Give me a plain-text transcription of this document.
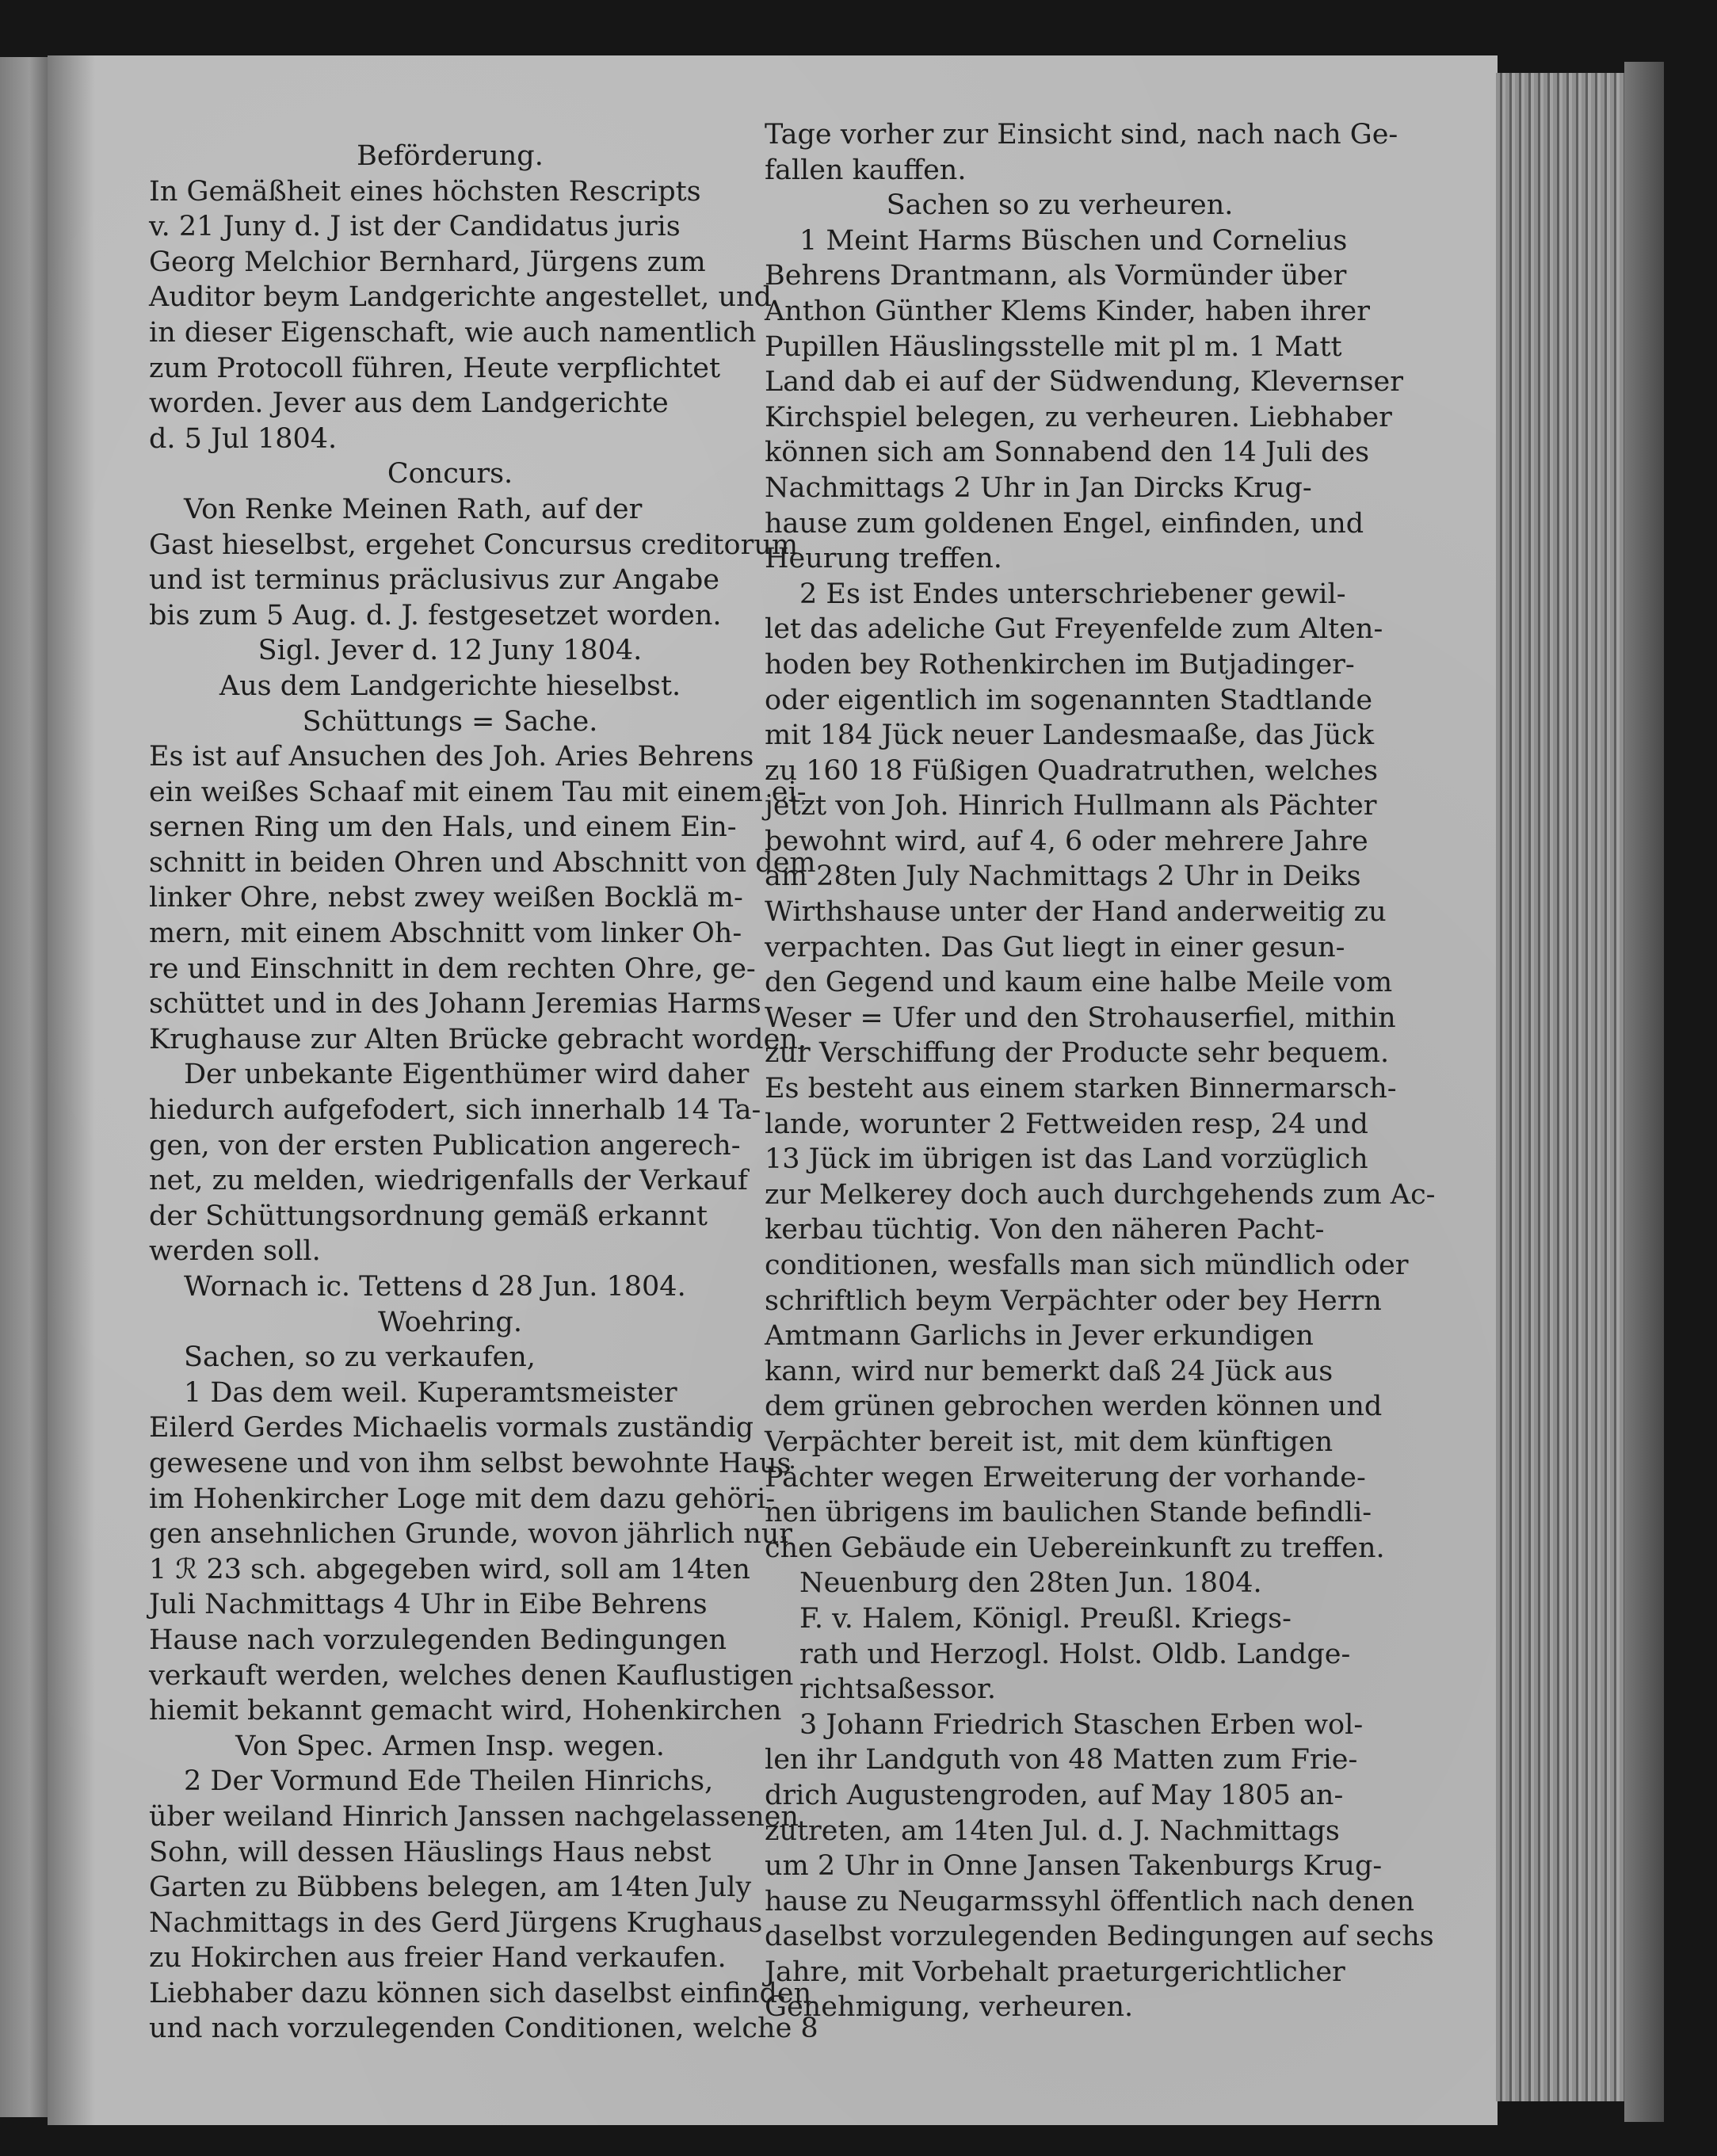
Beförderung.
In Gemäßheit eines höchsten Rescripts
v. 21 Juny d. J ist der Candidatus juris
Georg Melchior Bernhard, Jürgens zum
Auditor beym Landgerichte angestellet, und
in dieser Eigenschaft, wie auch namentlich
zum Protocoll führen, Heute verpflichtet
worden. Jever aus dem Landgerichte
d. 5 Jul 1804.
Concurs.
Von Renke Meinen Rath, auf der
Gast hieselbst, ergehet Concursus creditorum
und ist terminus präclusivus zur Angabe
bis zum 5 Aug. d. J. festgesetzet worden.
Sigl. Jever d. 12 Juny 1804.
Aus dem Landgerichte hieselbst.
Schüttungs = Sache.
Es ist auf Ansuchen des Joh. Aries Behrens
ein weißes Schaaf mit einem Tau mit einem ei-
sernen Ring um den Hals, und einem Ein-
schnitt in beiden Ohren und Abschnitt von dem
linker Ohre, nebst zwey weißen Bocklä m-
mern, mit einem Abschnitt vom linker Oh-
re und Einschnitt in dem rechten Ohre, ge-
schüttet und in des Johann Jeremias Harms
Krughause zur Alten Brücke gebracht worden.
Der unbekante Eigenthümer wird daher
hiedurch aufgefodert, sich innerhalb 14 Ta-
gen, von der ersten Publication angerech-
net, zu melden, wiedrigenfalls der Verkauf
der Schüttungsordnung gemäß erkannt
werden soll.
Wornach ic. Tettens d 28 Jun. 1804.
Woehring.
Sachen, so zu verkaufen,
1 Das dem weil. Kuperamtsmeister
Eilerd Gerdes Michaelis vormals zuständig
gewesene und von ihm selbst bewohnte Haus
im Hohenkircher Loge mit dem dazu gehöri-
gen ansehnlichen Grunde, wovon jährlich nur
1 ℛ 23 sch. abgegeben wird, soll am 14ten
Juli Nachmittags 4 Uhr in Eibe Behrens
Hause nach vorzulegenden Bedingungen
verkauft werden, welches denen Kauflustigen
hiemit bekannt gemacht wird, Hohenkirchen
Von Spec. Armen Insp. wegen.
2 Der Vormund Ede Theilen Hinrichs,
über weiland Hinrich Janssen nachgelassenen
Sohn, will dessen Häuslings Haus nebst
Garten zu Bübbens belegen, am 14ten July
Nachmittags in des Gerd Jürgens Krughaus
zu Hokirchen aus freier Hand verkaufen.
Liebhaber dazu können sich daselbst einfinden
und nach vorzulegenden Conditionen, welche 8
Tage vorher zur Einsicht sind, nach nach Ge-
fallen kauffen.
Sachen so zu verheuren.
1 Meint Harms Büschen und Cornelius
Behrens Drantmann, als Vormünder über
Anthon Günther Klems Kinder, haben ihrer
Pupillen Häuslingsstelle mit pl m. 1 Matt
Land dab ei auf der Südwendung, Klevernser
Kirchspiel belegen, zu verheuren. Liebhaber
können sich am Sonnabend den 14 Juli des
Nachmittags 2 Uhr in Jan Dircks Krug-
hause zum goldenen Engel, einfinden, und
Heurung treffen.
2 Es ist Endes unterschriebener gewil-
let das adeliche Gut Freyenfelde zum Alten-
hoden bey Rothenkirchen im Butjadinger-
oder eigentlich im sogenannten Stadtlande
mit 184 Jück neuer Landesmaaße, das Jück
zu 160 18 Füßigen Quadratruthen, welches
jetzt von Joh. Hinrich Hullmann als Pächter
bewohnt wird, auf 4, 6 oder mehrere Jahre
am 28ten July Nachmittags 2 Uhr in Deiks
Wirthshause unter der Hand anderweitig zu
verpachten. Das Gut liegt in einer gesun-
den Gegend und kaum eine halbe Meile vom
Weser = Ufer und den Strohauserfiel, mithin
zur Verschiffung der Producte sehr bequem.
Es besteht aus einem starken Binnermarsch-
lande, worunter 2 Fettweiden resp, 24 und
13 Jück im übrigen ist das Land vorzüglich
zur Melkerey doch auch durchgehends zum Ac-
kerbau tüchtig. Von den näheren Pacht-
conditionen, wesfalls man sich mündlich oder
schriftlich beym Verpächter oder bey Herrn
Amtmann Garlichs in Jever erkundigen
kann, wird nur bemerkt daß 24 Jück aus
dem grünen gebrochen werden können und
Verpächter bereit ist, mit dem künftigen
Pächter wegen Erweiterung der vorhande-
nen übrigens im baulichen Stande befindli-
chen Gebäude ein Uebereinkunft zu treffen.
Neuenburg den 28ten Jun. 1804.
F. v. Halem, Königl. Preußl. Kriegs-
rath und Herzogl. Holst. Oldb. Landge-
richtsaßessor.
3 Johann Friedrich Staschen Erben wol-
len ihr Landguth von 48 Matten zum Frie-
drich Augustengroden, auf May 1805 an-
zutreten, am 14ten Jul. d. J. Nachmittags
um 2 Uhr in Onne Jansen Takenburgs Krug-
hause zu Neugarmssyhl öffentlich nach denen
daselbst vorzulegenden Bedingungen auf sechs
Jahre, mit Vorbehalt praeturgerichtlicher
Genehmigung, verheuren.
